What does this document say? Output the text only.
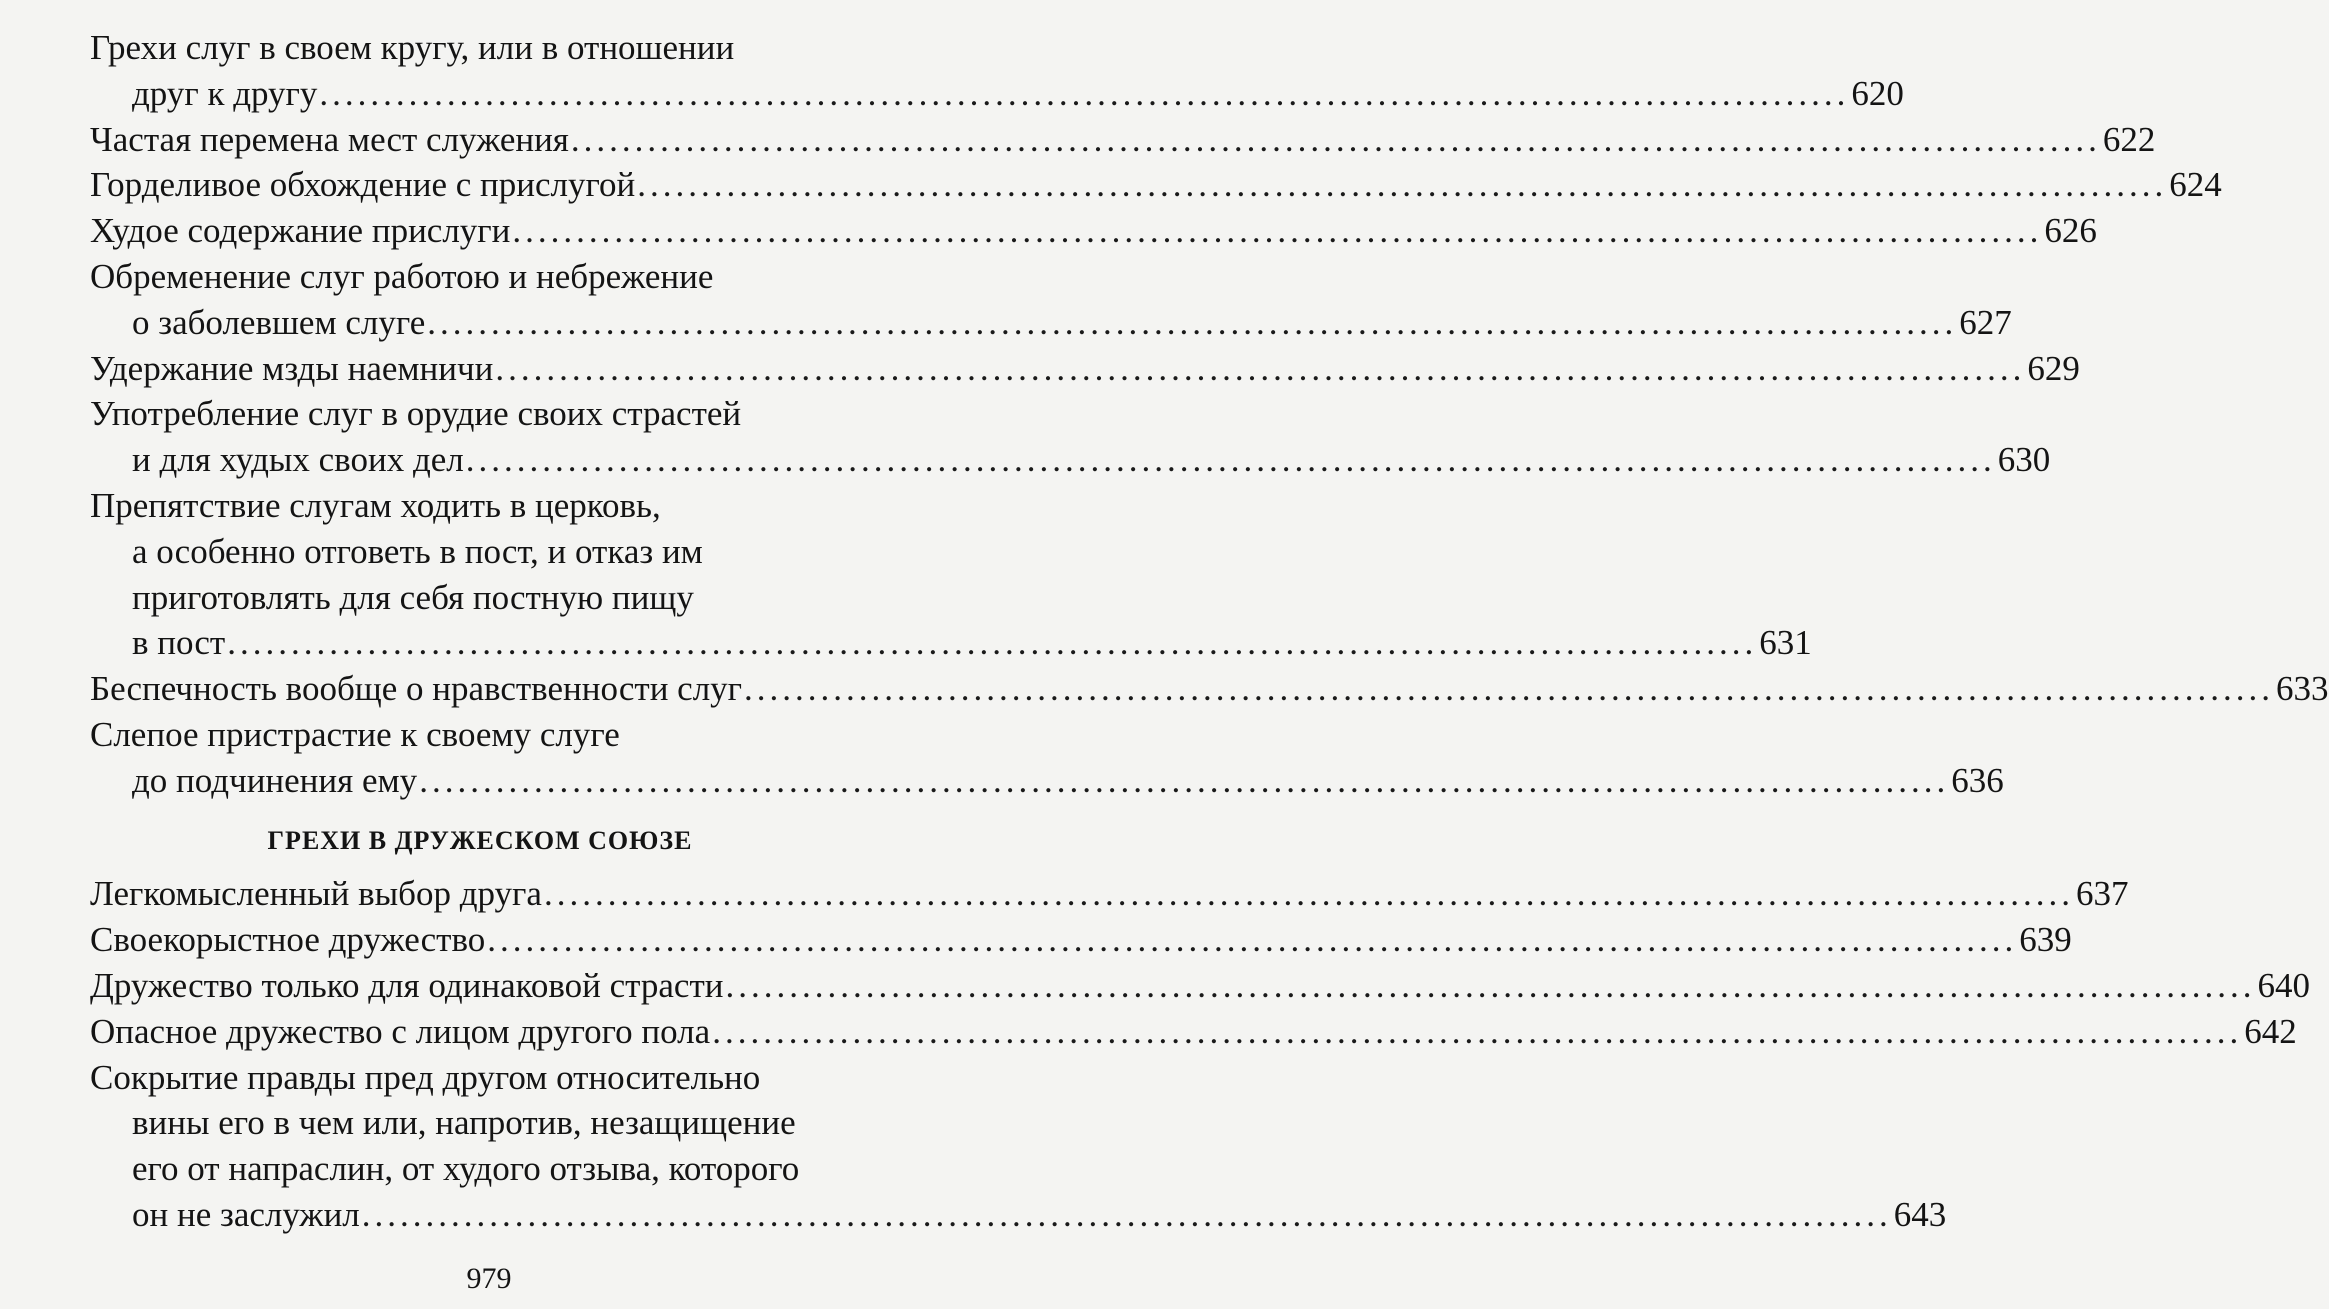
Грехи слуг в своем кругу, или в отношении
друг к другу ........................................................................................................................ 620
Частая перемена мест служения ........................................................................................................................ 622
Горделивое обхождение с прислугой ........................................................................................................................ 624
Худое содержание прислуги ........................................................................................................................ 626
Обременение слуг работою и небрежение
о заболевшем слуге ........................................................................................................................ 627
Удержание мзды наемничи ........................................................................................................................ 629
Употребление слуг в орудие своих страстей
и для худых своих дел ........................................................................................................................ 630
Препятствие слугам ходить в церковь,
а особенно отговеть в пост, и отказ им
приготовлять для себя постную пищу
в пост ........................................................................................................................ 631
Беспечность вообще о нравственности слуг ........................................................................................................................ 633
Слепое пристрастие к своему слуге
до подчинения ему ........................................................................................................................ 636
ГРЕХИ В ДРУЖЕСКОМ СОЮЗЕ
Легкомысленный выбор друга ........................................................................................................................ 637
Своекорыстное дружество ........................................................................................................................ 639
Дружество только для одинаковой страсти ........................................................................................................................ 640
Опасное дружество с лицом другого пола ........................................................................................................................ 642
Сокрытие правды пред другом относительно
вины его в чем или, напротив, незащищение
его от напраслин, от худого отзыва, которого
он не заслужил ........................................................................................................................ 643
979
